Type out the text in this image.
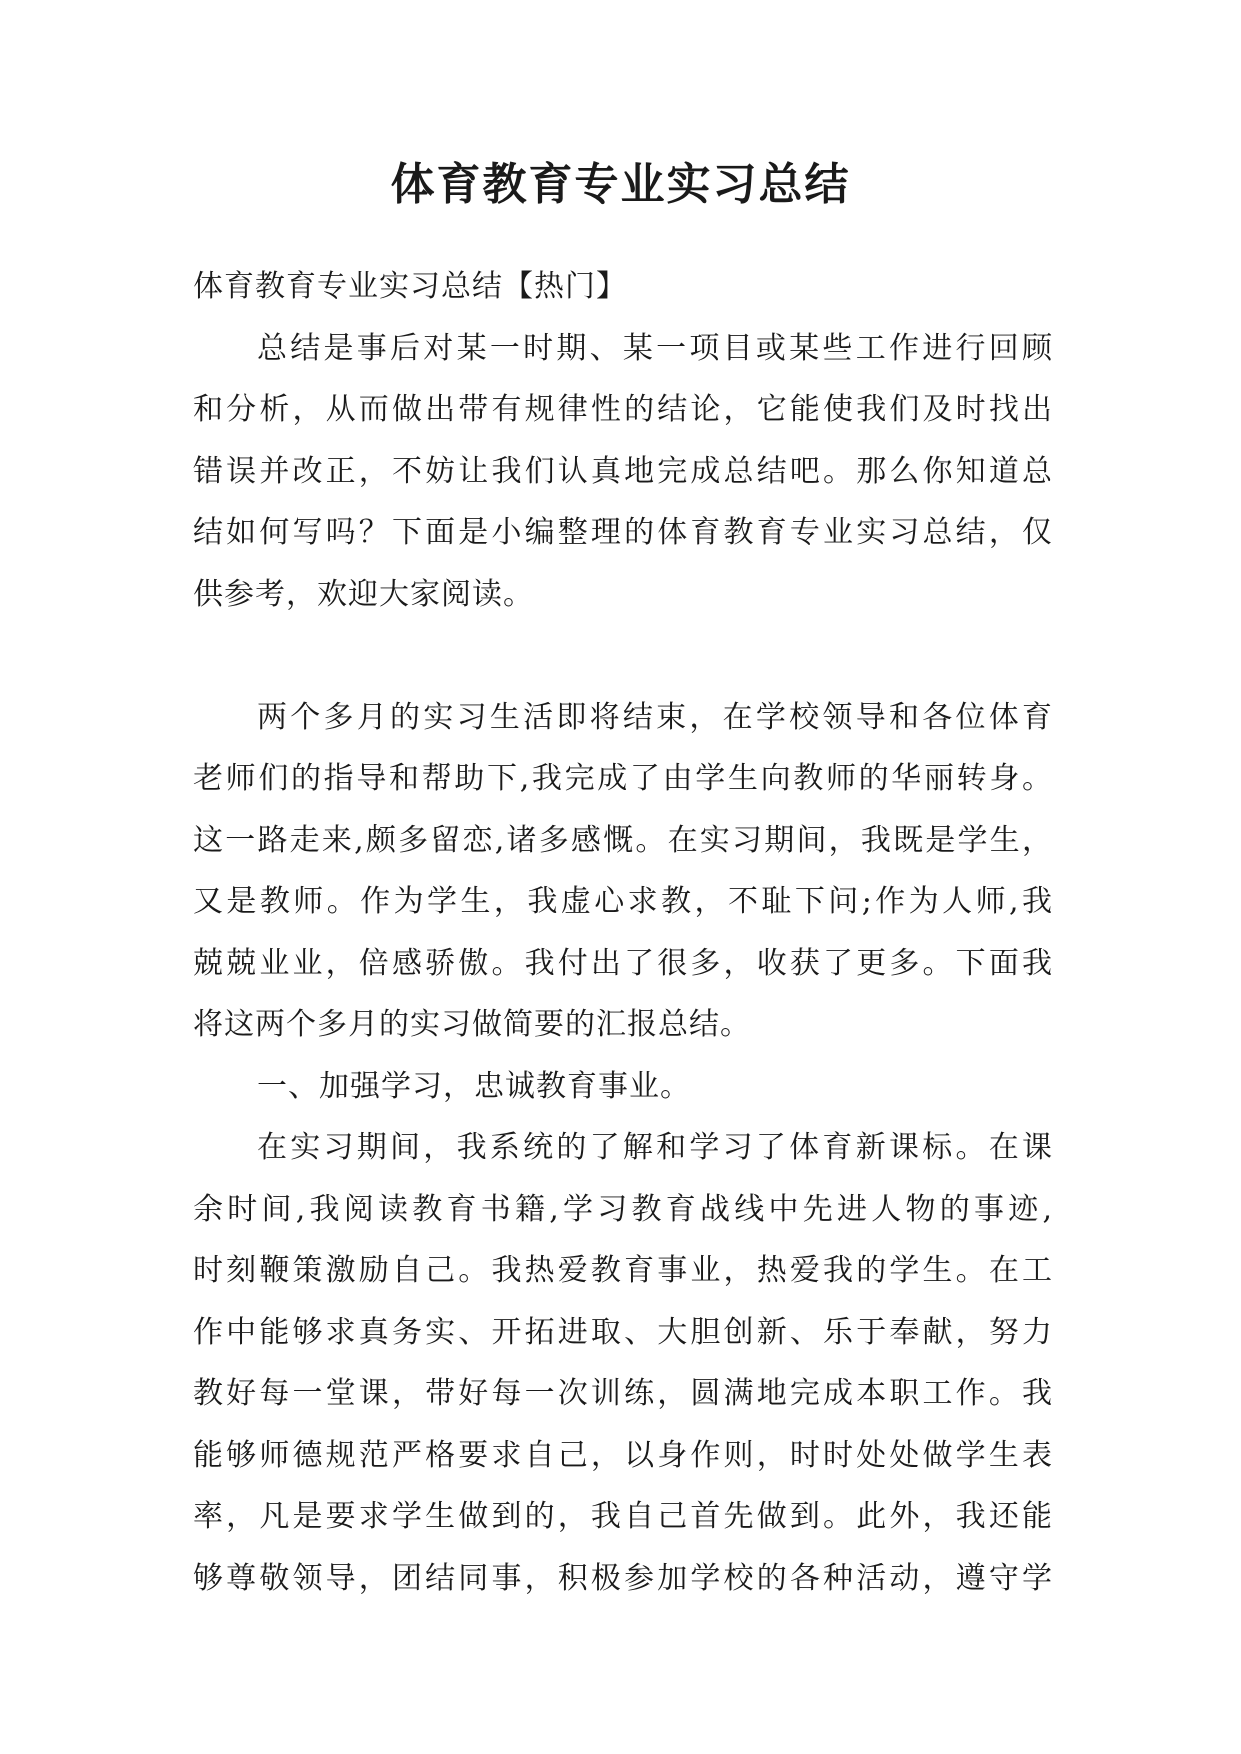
体育教育专业实习总结
体育教育专业实习总结【热门】
总结是事后对某一时期、某一项目或某些工作进行回顾
和分析，从而做出带有规律性的结论，它能使我们及时找出
错误并改正，不妨让我们认真地完成总结吧。那么你知道总
结如何写吗？下面是小编整理的体育教育专业实习总结，仅
供参考，欢迎大家阅读。
两个多月的实习生活即将结束，在学校领导和各位体育
老师们的指导和帮助下,我完成了由学生向教师的华丽转身。
这一路走来,颇多留恋,诸多感慨。在实习期间，我既是学生，
又是教师。作为学生，我虚心求教，不耻下问;作为人师,我
兢兢业业，倍感骄傲。我付出了很多，收获了更多。下面我
将这两个多月的实习做简要的汇报总结。
一、加强学习，忠诚教育事业。
在实习期间，我系统的了解和学习了体育新课标。在课
余时间,我阅读教育书籍,学习教育战线中先进人物的事迹,
时刻鞭策激励自己。我热爱教育事业，热爱我的学生。在工
作中能够求真务实、开拓进取、大胆创新、乐于奉献，努力
教好每一堂课，带好每一次训练，圆满地完成本职工作。我
能够师德规范严格要求自己，以身作则，时时处处做学生表
率，凡是要求学生做到的，我自己首先做到。此外，我还能
够尊敬领导，团结同事，积极参加学校的各种活动，遵守学
